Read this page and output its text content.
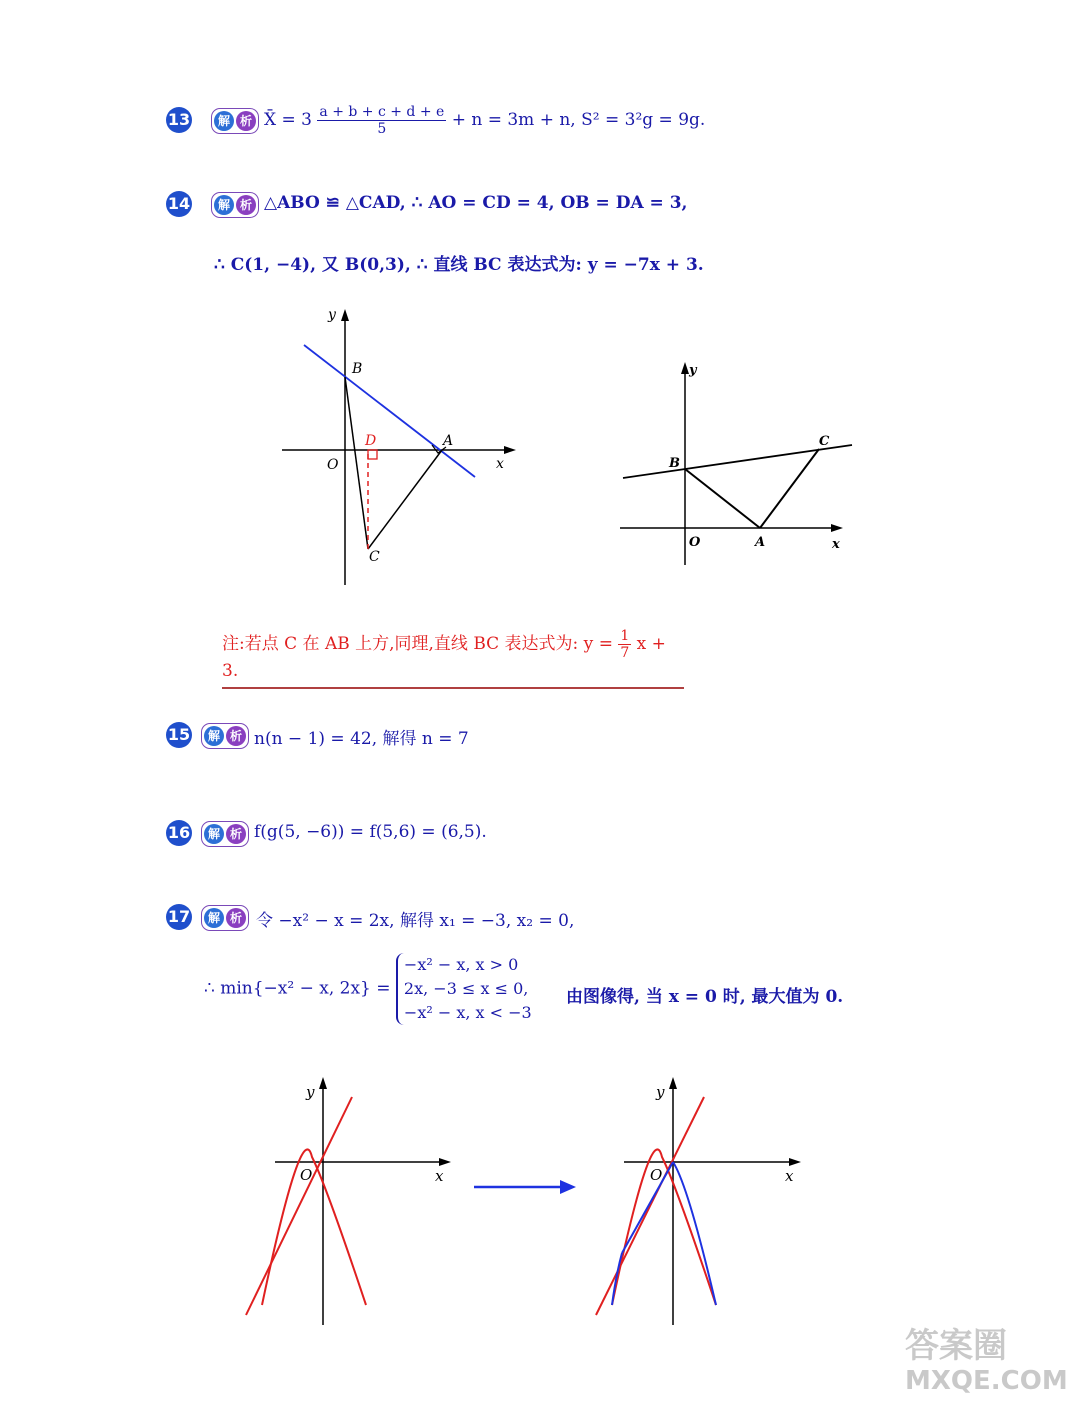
13	解 析 X̄ = $3 \frac{a + b + c + d + e}{5} + n = 3m + n$, S² = 3²g = 9g.
14	解 析 △ABO ≌ △CAD, ∴ AO = CD = 4, OB = DA = 3,
∴ C(1, −4), 又 B(0,3), ∴ 直线 BC 表达式为: y = −7x + 3.
y
x
O
B
A
D
C
y
x
O
B
A
C
注:若点 C 在 AB 上方,同理,直线 BC 表达式为: $y = \frac{1}{7}$ x + 3.
15	解 析 n(n − 1) = 42, 解得 n = 7
16	解 析 f(g(5, −6)) = f(5,6) = (6,5).
17	解 析 令 −x² − x = 2x, 解得 x₁ = −3, x₂ = 0,
∴ min{−x² − x, 2x} =
−x² − x, x > 0
2x, −3 ≤ x ≤ 0,
−x² − x, x < −3
由图像得, 当 x = 0 时, 最大值为 0.
y
x
O
y
x
O
答案圈
MXQE.COM
